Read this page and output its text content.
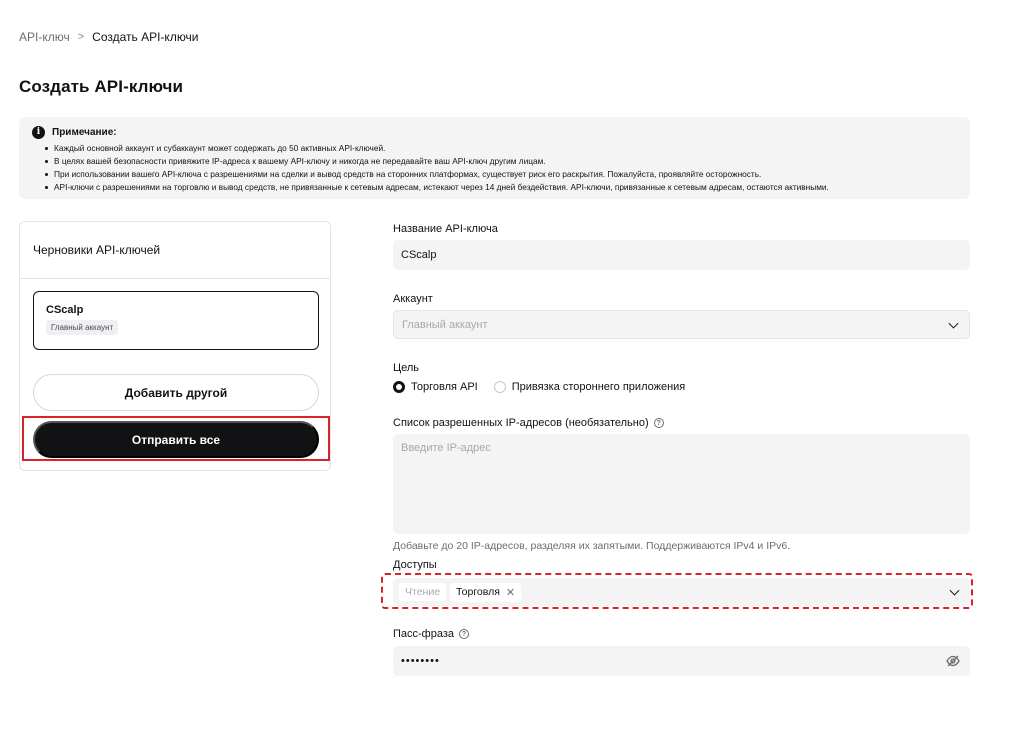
API-ключ > Создать API-ключи
Создать API-ключи
i	Примечание:
Каждый основной аккаунт и субаккаунт может содержать до 50 активных API-ключей.
В целях вашей безопасности привяжите IP-адреса к вашему API-ключу и никогда не передавайте ваш API-ключ другим лицам.
При использовании вашего API-ключа с разрешениями на сделки и вывод средств на сторонних платформах, существует риск его раскрытия. Пожалуйста, проявляйте осторожность.
API-ключи с разрешениями на торговлю и вывод средств, не привязанные к сетевым адресам, истекают через 14 дней бездействия. API-ключи, привязанные к сетевым адресам, остаются активными.
Черновики API-ключей
CScalp
Главный аккаунт
Добавить другой
Отправить все
Название API-ключа
CScalp
Аккаунт
Главный аккаунт
Цель
Торговля API	Привязка стороннего приложения
Список разрешенных IP-адресов (необязательно)	?
Введите IP-адрес
Добавьте до 20 IP-адресов, разделяя их запятыми. Поддерживаются IPv4 и IPv6.
Доступы
Чтение Торговля ✕
Пасс-фраза	?
••••••••
